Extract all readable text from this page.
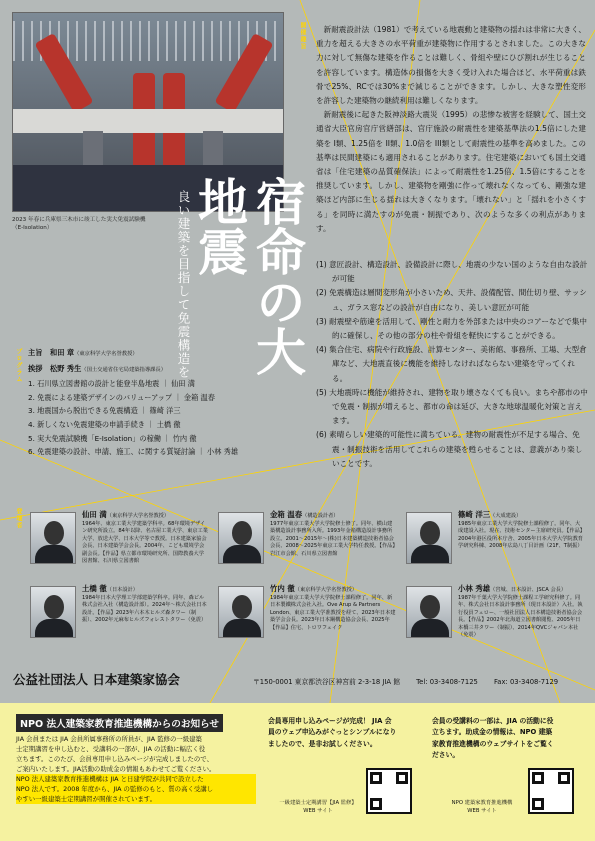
2023 年春に兵庫県三木市に竣工した実大免震試験機
（E-Isolation）
開催趣旨
プログラム
登壇者
宿命の大地震
良い建築を目指して免震構造を

新耐震設計法（1981）で考えている地震動と建築物の揺れは非常に大きく、重力を超える大きさの水平荷重が建築物に作用するとされました。この大きな力に対して無傷な建築を作ることは難しく、骨組や壁にひび割れが生じることを許容しています。構造体の損傷を大きく受け入れた場合ほど、水平荷重は鉄骨で25%、RCでは30%まで減じることができます。しかし、大きな塑性変形を許容した建築物の継続利用は難しくなります。

新耐震後に起きた阪神淡路大震災（1995）の悲惨な被害を経験して、国土交通省大臣官房官庁営繕部は、官庁施設の耐震性を建築基準法の1.5倍にした建築を I類、1.25倍を II類、1.0倍を III類として耐震性の基準を高めました。この基準は民間建築にも適用されることがあります。住宅建築においても国土交通省は「住宅建築の品質確保法」によって耐震性を1.25倍、1.5倍にすることを推奨しています。しかし、建築物を剛強に作って壊れなくなっても、剛強な建築ほど内部に生じる揺れは大きくなります。「壊れない」と「揺れを小さくする」を同時に満たすのが免震・制振であり、次のような多くの利点があります。

(1) 意匠設計、構造設計、設備設計に際し、地震の少ない国のような自由な設計が可能
(2) 免震構造は層間変形角が小さいため、天井、設備配管、間仕切り壁、サッシュ、ガラス窓などの設計が自由になり、美しい意匠が可能
(3) 耐震壁や筋違を活用して、剛性と耐力を外部または中央のコアーなどで集中的に確保し、その他の部分の柱や骨組を軽快にすることができる。
(4) 集合住宅、病院や行政施設、計算センター、美術館、事務所、工場、大型倉庫など、大地震直後に機能を維持しなければならない建築を守ってくれる。
(5) 大地震時に機能が維持され、建物を取り壊さなくても良い。まちや都市の中で免震・制振が増えると、都市の命は延び、大きな地球温暖化対策と言えます。
(6) 素晴らしい建築的可能性に満ちている。建物の耐震性が不足する場合、免震・制振技術を活用してこれらの建築を甦らせることは、意義があり楽しいことです。
主旨 和田 章（東京科学大学名誉教授）
挨拶 松野 秀生（国土交通省住宅局建築指導課長）
1. 石川県立図書館の設計と能登半島地震 ｜ 仙田 満
2. 免震による建築デザインのバリューアップ ｜ 金箱 温春
3. 地震国から脱出できる免震構造 ｜ 篠崎 洋三
4. 新しくない免震建築の申請手続き ｜ 土橋 徹
5. 実大免震試験機「E-Isolation」の稼働 ｜ 竹内 徹
6. 免震建築の設計、申請、施工、に関する質疑討論 ｜ 小林 秀雄
仙田 満（東京科学大学名誉教授）
1964年、東京工業大学建築学科卒。68年環境デザイン研究所設立。84年以降、名古屋工業大学、東京工業大学、放送大学、日本大学等で教授。日本建築家協会会長、日本建築学会会長。2004年、こども環境学会副会長。【作品】県立都市環境研究所、国際教養大学図書館、石川県立図書館
金箱 温春（構造設計者）
1977年東京工業大学大学院修士修了。同年、横山建築構造設計事務所入所。1993年金箱構造設計事務所設立。2001〜2015年〜(株)日本建築構造技術者協会会長、2008〜2025年東京工業大学特任教授。【作品】岩江市会館、石川県立図書館
篠崎 洋三（大成建設）
1985年東京工業大学大学院修士課程修了。同年、大成建設入社。現在、技術センター主席研究員。【作品】2004年港区役所本庁舎、2005年日本大学大学院教育学研究科棟、2008年広島八丁目計画（21F、T制振）
土橋 徹（日本設計）
1984年日本大学理工学部建築学科卒。同年、森ビル株式会社入社（構造設計部）。2024年〜株式会社日本設計。【作品】2023年六本木ヒルズ森タワー（制振）、2002年元麻布ヒルズフォレストタワー（免震）
竹内 徹（東京科学大学名誉教授）
1984年東京工業大学大学院修士課程修了。同年、新日本製鐵株式会社入社。Ove Arup & Partners London、東京工業大学准教授を経て、2023年日本建築学会会長。2023年日本鋼構造協会会長、2025年【作品】住宅、トロワフェイク
小林 秀雄（宮城、日本設計、JSCA 会長）
1987年千葉大学大学院修士課程工学研究科修了。同年、株式会社日本設計事務所（現日本設計）入社。執行役員フェロー、一般社団法人日本構造技術者協会会長。【作品】2002年北海道立図書館閲覧、2005年日本橋三井タワー（制振）、2014年QVCジャパン本社（免震）
公益社団法人 日本建築家協会	〒150-0001 東京都渋谷区神宮前 2-3-18 JIA 館 Tel: 03-3408-7125 Fax: 03-3408-7129
NPO 法人建築家教育推進機構からのお知らせ
JIA 会員または JIA 会員所属事務所の所員が、JIA 監修の一級建築
士定期講習を申し込むと、受講料の一部が、JIA の活動に幅広く役
立ちます。このたび、会員専用申し込みページが完成しましたので、
ご案内いたします。JIA活動の助成金の情報もあわせてご覧ください。
NPO 法人建築家教育推進機構は JIA と日建学院が共同で設立した
NPO 法人です。2008 年度から、JIA の監修のもと、質の高く受講し
やすい一級建築士定期講習が開催されています。
会員専用申し込みページが完成！ JIA 会
員のウェブ申込みがぐっとシンプルになり
ましたので、是非お試しください。
会員の受講料の一部は、JIA の活動に役
立ちます。助成金の情報は、NPO 建築
家教育推進機構のウェブサイトをご覧く
ださい。
一級建築士定期講習【JIA 監修】
WEB サイト
NPO 建築家教育推進機構
WEB サイト
